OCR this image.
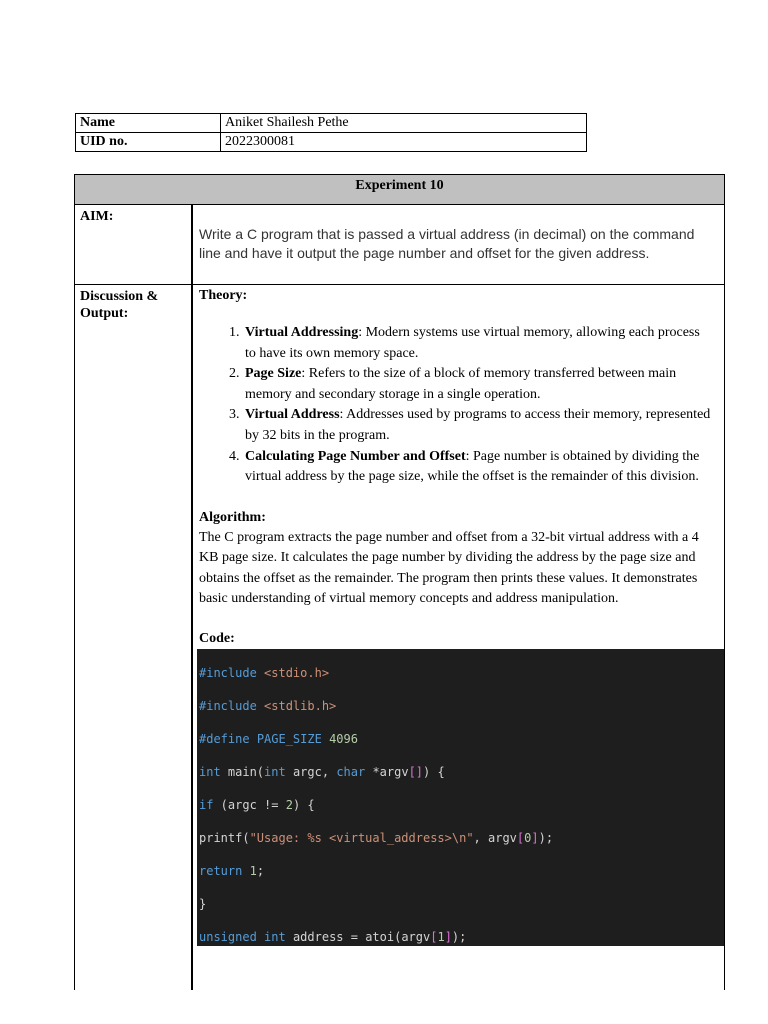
Name	Aniket Shailesh Pethe
UID no.	2022300081
Experiment 10
AIM:
Write a C program that is passed a virtual address (in decimal) on the command line and have it output the page number and offset for the given address.
Discussion & Output:
Theory:
1. Virtual Addressing: Modern systems use virtual memory, allowing each process to have its own memory space.
2. Page Size: Refers to the size of a block of memory transferred between main memory and secondary storage in a single operation.
3. Virtual Address: Addresses used by programs to access their memory, represented by 32 bits in the program.
4. Calculating Page Number and Offset: Page number is obtained by dividing the virtual address by the page size, while the offset is the remainder of this division.
Algorithm:
The C program extracts the page number and offset from a 32-bit virtual address with a 4 KB page size. It calculates the page number by dividing the address by the page size and obtains the offset as the remainder. The program then prints these values. It demonstrates basic understanding of virtual memory concepts and address manipulation.
Code:
#include <stdio.h>
#include <stdlib.h>
#define PAGE_SIZE 4096
int main(int argc, char *argv[]) {
if (argc != 2) {
printf("Usage: %s <virtual_address>\n", argv[0]);
return 1;
}
unsigned int address = atoi(argv[1]);
